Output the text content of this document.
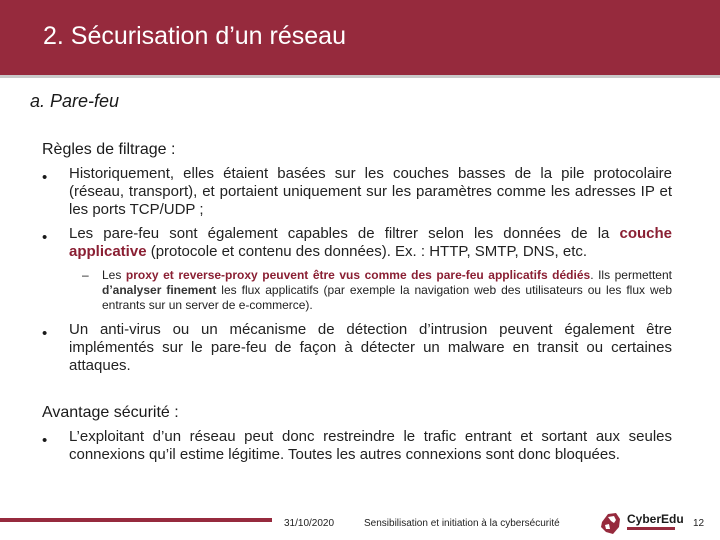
2. Sécurisation d’un réseau
a. Pare-feu
Règles de filtrage :
• Historiquement, elles étaient basées sur les couches basses de la pile protocolaire (réseau, transport), et portaient uniquement sur les paramètres comme les adresses IP et les ports TCP/UDP ;
• Les pare-feu sont également capables de filtrer selon les données de la couche applicative (protocole et contenu des données). Ex. : HTTP, SMTP, DNS, etc.
– Les proxy et reverse-proxy peuvent être vus comme des pare-feu applicatifs dédiés. Ils permettent d’analyser finement les flux applicatifs (par exemple la navigation web des utilisateurs ou les flux web entrants sur un server de e-commerce).
• Un anti-virus ou un mécanisme de détection d’intrusion peuvent également être implémentés sur le pare-feu de façon à détecter un malware en transit ou certaines attaques.
Avantage sécurité :
• L’exploitant d’un réseau peut donc restreindre le trafic entrant et sortant aux seules connexions qu’il estime légitime. Toutes les autres connexions sont donc bloquées.
31/10/2020	Sensibilisation et initiation à la cybersécurité	CyberEdu 12
